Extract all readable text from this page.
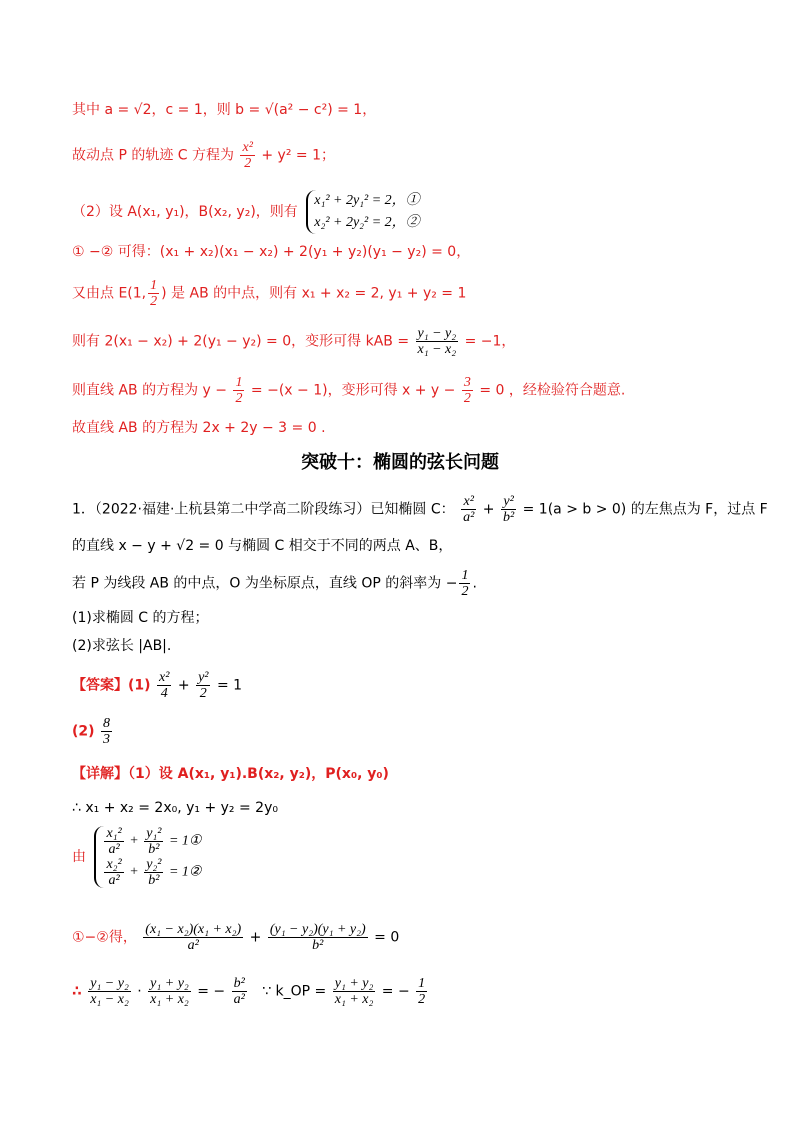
其中 a = √2，c = 1，则 b = √(a² − c²) = 1，
故动点 P 的轨迹 C 方程为 $\frac{\text{x²}}{2} + y^2 = 1$；
（2）设 A(x₁, y₁)，B(x₂, y₂)，则有
x₁² + 2y₁² = 2，①
x₂² + 2y₂² = 2，②
① −② 可得：(x₁ + x₂)(x₁ − x₂) + 2(y₁ + y₂)(y₁ − y₂) = 0，
又由点 E(1, $\frac{1}{2}$ ) 是 AB 的中点，则有 x₁ + x₂ = 2, y₁ + y₂ = 1
则有 2(x₁ − x₂) + 2(y₁ − y₂) = 0，变形可得 kAB = $\frac{\text{y₁ − y₂}}{\text{x₁ − x₂}} = -1$，
则直线 AB 的方程为 $y - \frac{1}{2} = -(x - 1)$，变形可得 $x + y - \frac{3}{2} = 0$ ，经检验符合题意.
故直线 AB 的方程为 2x + 2y − 3 = 0 .
突破十：椭圆的弦长问题
1．（2022·福建·上杭县第二中学高二阶段练习）已知椭圆 C： $\frac{\text{x²}}{\text{a²}} + \frac{\text{y²}}{\text{b²}} = 1(a > b > 0)$ 的左焦点为 F，过点 F
的直线 x − y + √2 = 0 与椭圆 C 相交于不同的两点 A、B，
若 P 为线段 AB 的中点，O 为坐标原点，直线 OP 的斜率为 − $\frac{1}{2}$ .
(1)求椭圆 C 的方程；
(2)求弦长 |AB|.
【答案】$(1) \frac{\text{x²}}{4} + \frac{\text{y²}}{2} = 1$
$(2) \frac{8}{3}$
【详解】（1）设 A(x₁, y₁).B(x₂, y₂)，P(x₀, y₀)
∴ x₁ + x₂ = 2x₀, y₁ + y₂ = 2y₀
由 $\frac{\text{x₁²}}{\text{a²}} + \frac{\text{y₁²}}{\text{b²}}$ = 1①
$\frac{\text{x₂²}}{\text{a²}} + \frac{\text{y₂²}}{\text{b²}}$ = 1②
①−②得， $\frac{\text{(x₁ − x₂)(x₁ + x₂)}}{\text{a²}} + \frac{\text{(y₁ − y₂)(y₁ + y₂)}}{\text{b²}} = 0$
∴ $\frac{\text{y₁ − y₂}}{\text{x₁ − x₂}} \cdot \frac{\text{y₁ + y₂}}{\text{x₁ + x₂}}$ = − $\frac{\text{b²}}{\text{a²}}$ ∵ k_OP = $\frac{\text{y₁ + y₂}}{\text{x₁ + x₂}}$ = − $\frac{1}{2}$
